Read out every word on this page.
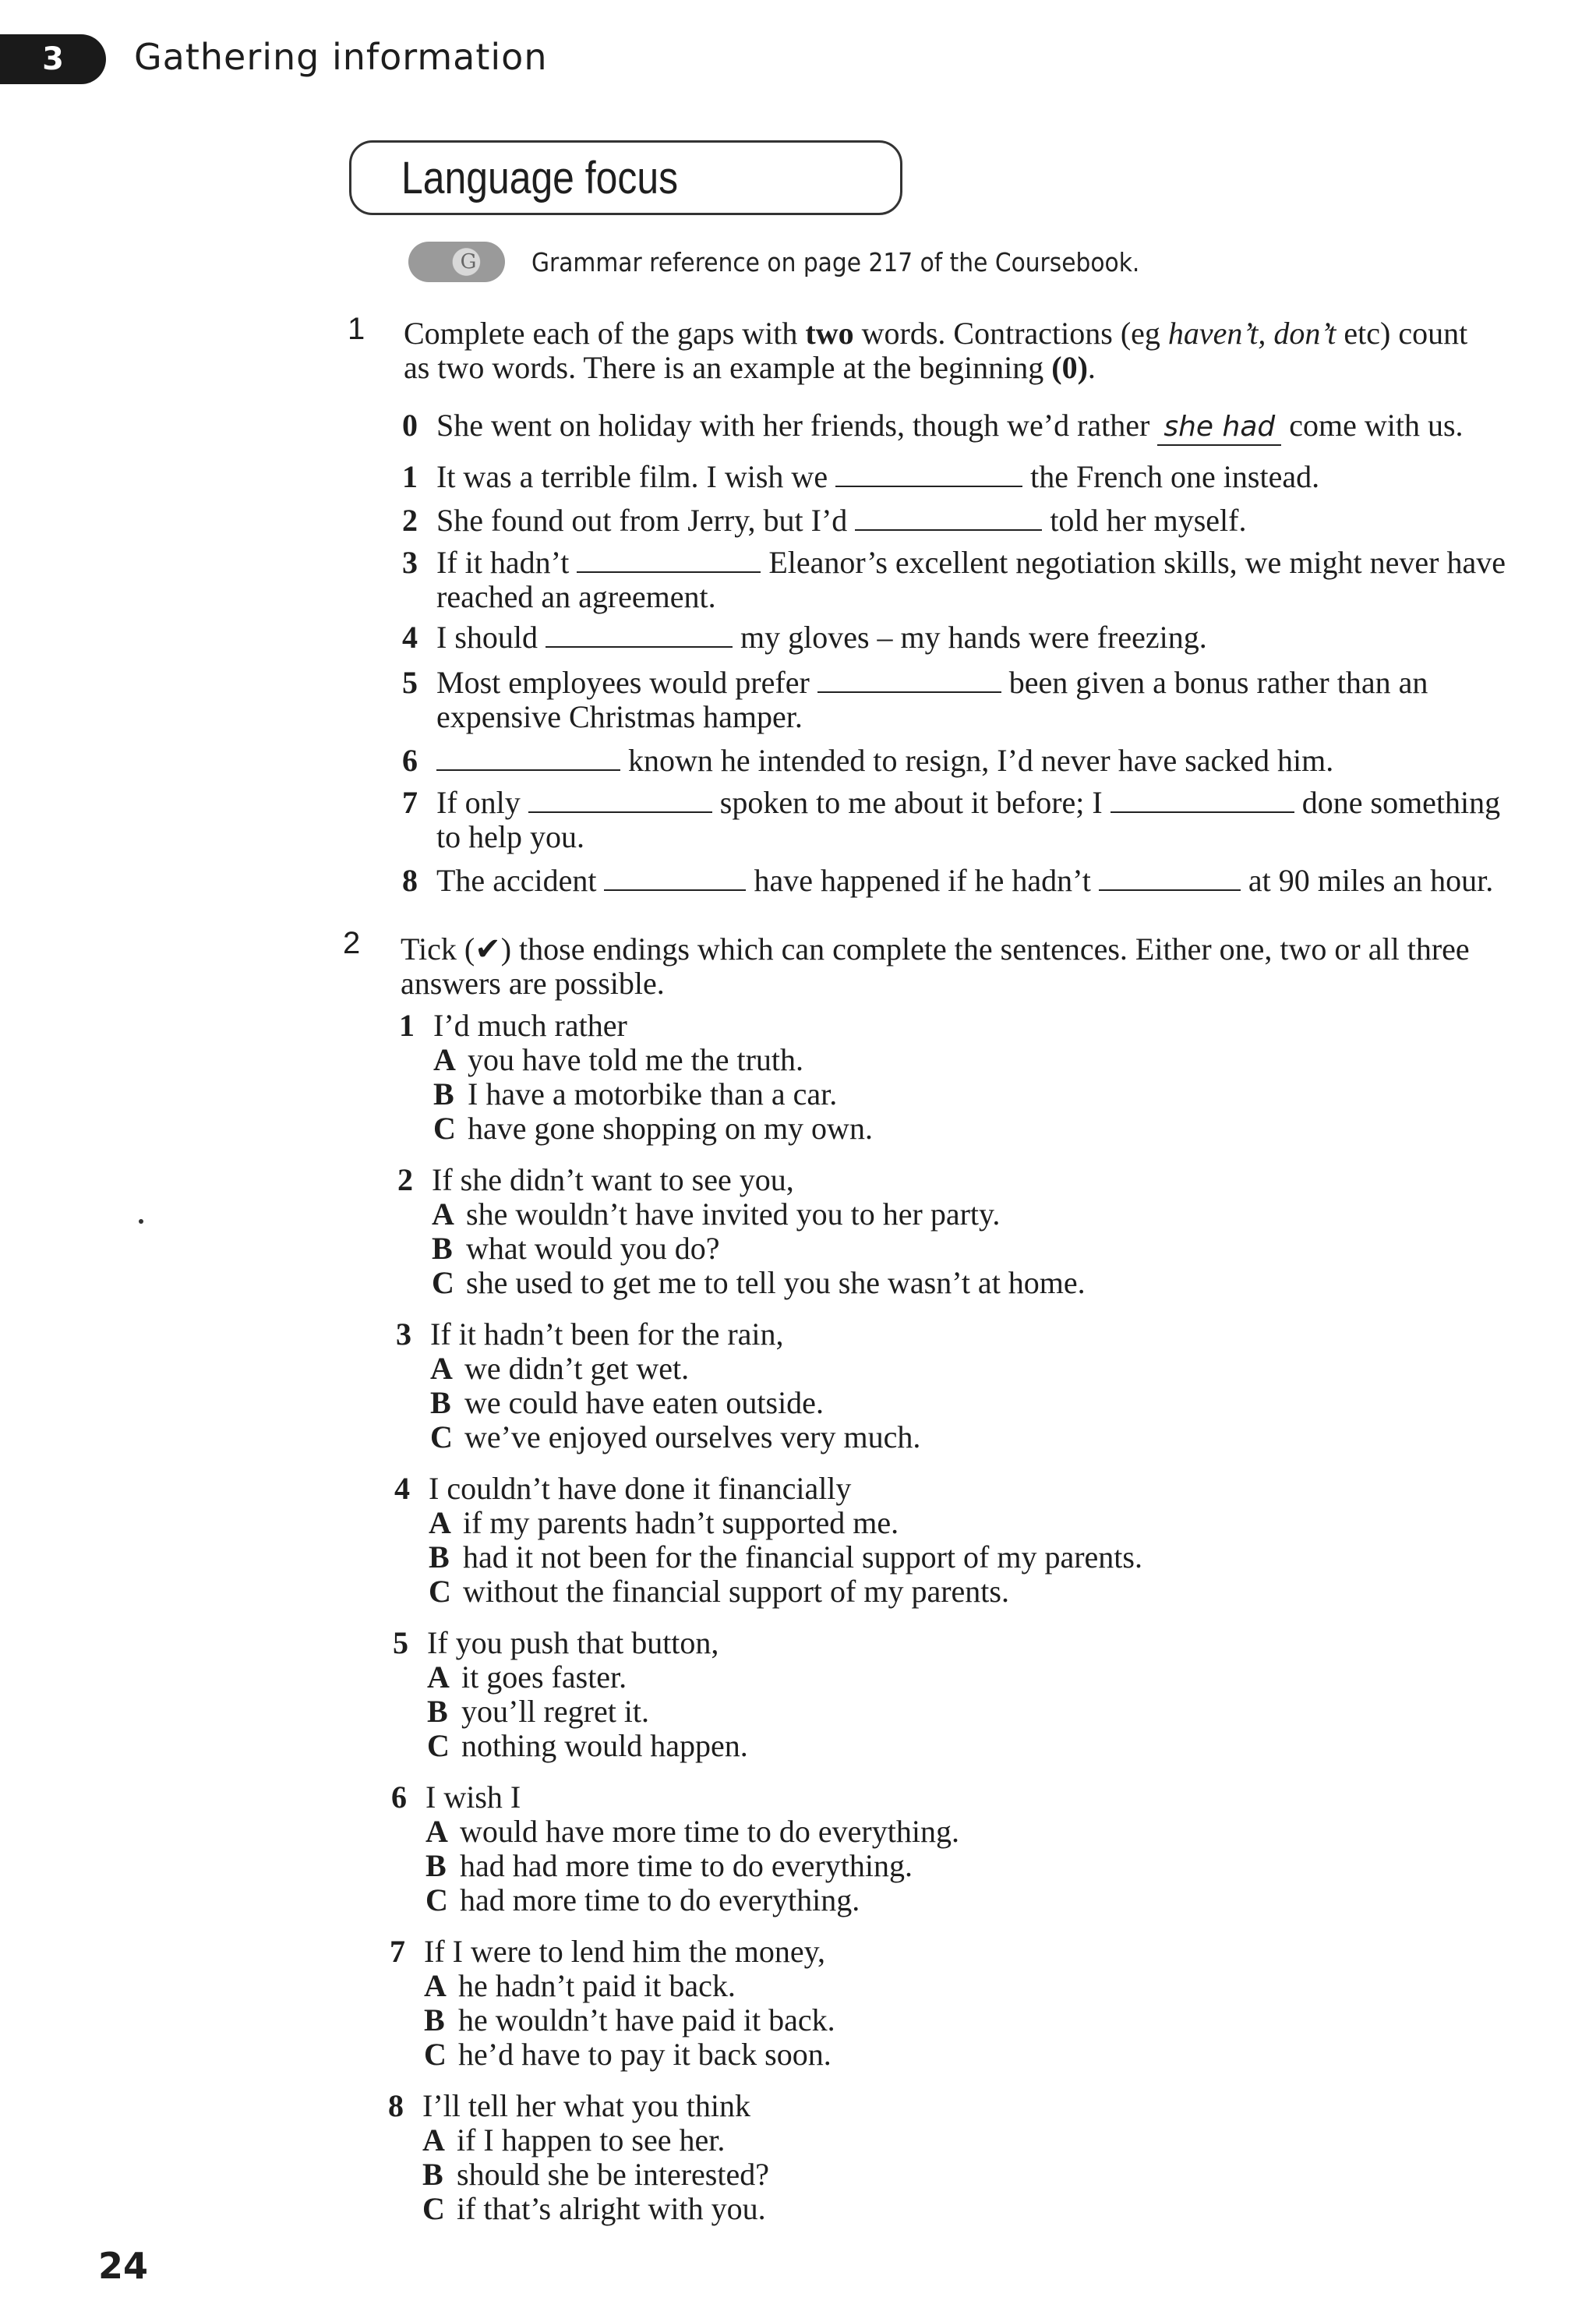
3 Gathering information
Language focus
G Grammar reference on page 217 of the Coursebook.
1 Complete each of the gaps with two words. Contractions (eg haven’t, don’t etc) count
as two words. There is an example at the beginning (0).
0 She went on holiday with her friends, though we’d rather she had come with us.
1 It was a terrible film. I wish we	the French one instead.
2 She found out from Jerry, but I’d	told her myself.
3 If it hadn’t	Eleanor’s excellent negotiation skills, we might never have
reached an agreement.
4 I should	my gloves – my hands were freezing.
5 Most employees would prefer	been given a bonus rather than an
expensive Christmas hamper.
6	known he intended to resign, I’d never have sacked him.
7 If only	spoken to me about it before; I	done something
to help you.
8 The accident	have happened if he hadn’t	at 90 miles an hour.
2 Tick (✔) those endings which can complete the sentences. Either one, two or all three
answers are possible.
1 I’d much rather
A you have told me the truth.
B I have a motorbike than a car.
C have gone shopping on my own.
2 If she didn’t want to see you,
A she wouldn’t have invited you to her party.
B what would you do?
C she used to get me to tell you she wasn’t at home.
3 If it hadn’t been for the rain,
A we didn’t get wet.
B we could have eaten outside.
C we’ve enjoyed ourselves very much.
4 I couldn’t have done it financially
A if my parents hadn’t supported me.
B had it not been for the financial support of my parents.
C without the financial support of my parents.
5 If you push that button,
A it goes faster.
B you’ll regret it.
C nothing would happen.
6 I wish I
A would have more time to do everything.
B had had more time to do everything.
C had more time to do everything.
7 If I were to lend him the money,
A he hadn’t paid it back.
B he wouldn’t have paid it back.
C he’d have to pay it back soon.
8 I’ll tell her what you think
A if I happen to see her.
B should she be interested?
C if that’s alright with you.
24
